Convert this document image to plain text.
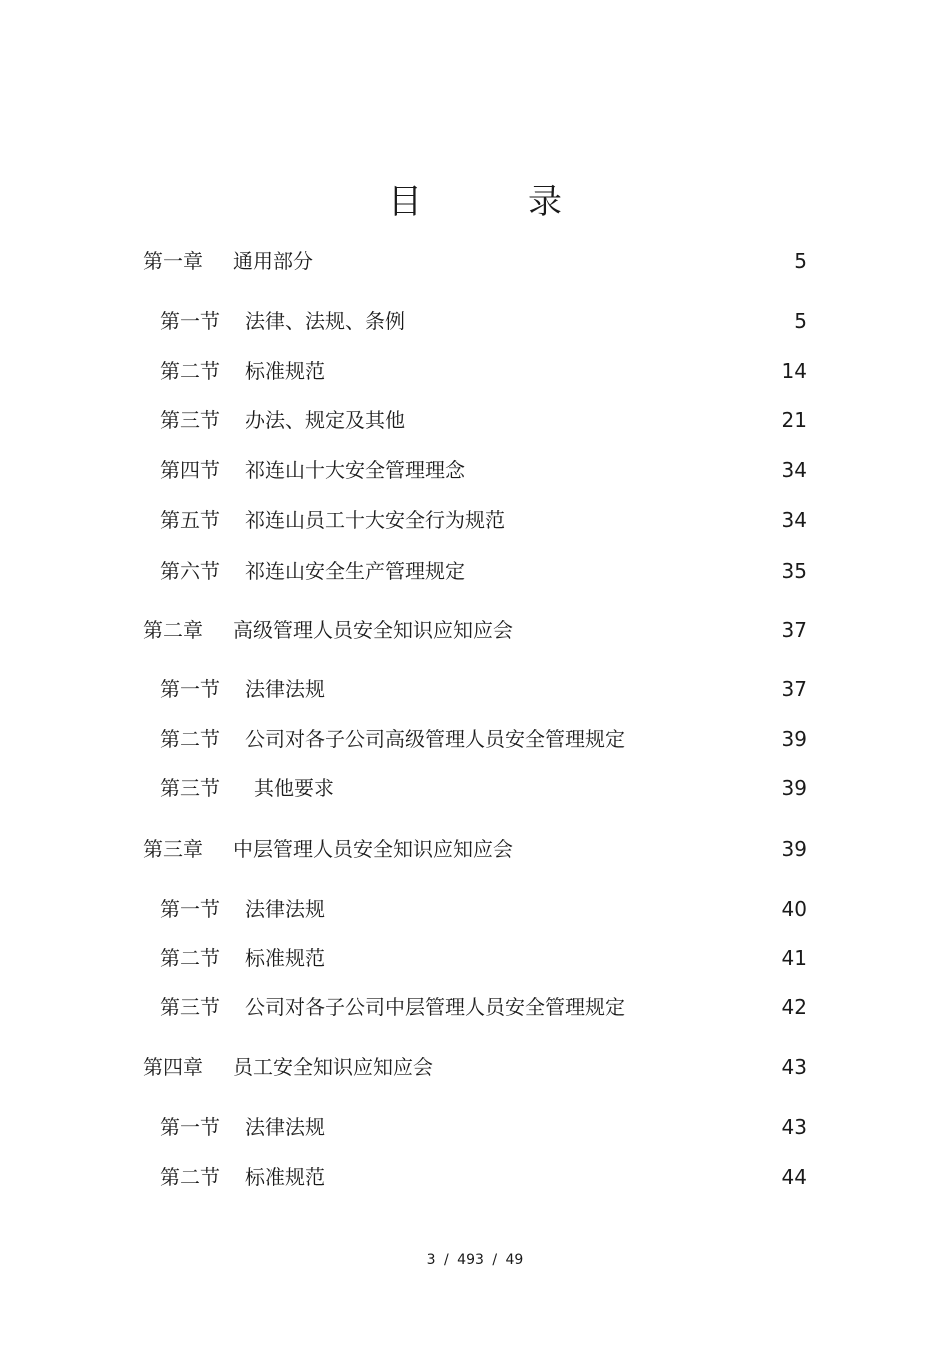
目　录
第一章 通用部分	5
第一节 法律、法规、条例	5
第二节 标准规范	14
第三节 办法、规定及其他	21
第四节 祁连山十大安全管理理念	34
第五节 祁连山员工十大安全行为规范	34
第六节 祁连山安全生产管理规定	35
第二章 高级管理人员安全知识应知应会	37
第一节 法律法规	37
第二节 公司对各子公司高级管理人员安全管理规定	39
第三节 其他要求	39
第三章 中层管理人员安全知识应知应会	39
第一节 法律法规	40
第二节 标准规范	41
第三节 公司对各子公司中层管理人员安全管理规定	42
第四章 员工安全知识应知应会	43
第一节 法律法规	43
第二节 标准规范	44
3 / 493 / 49
